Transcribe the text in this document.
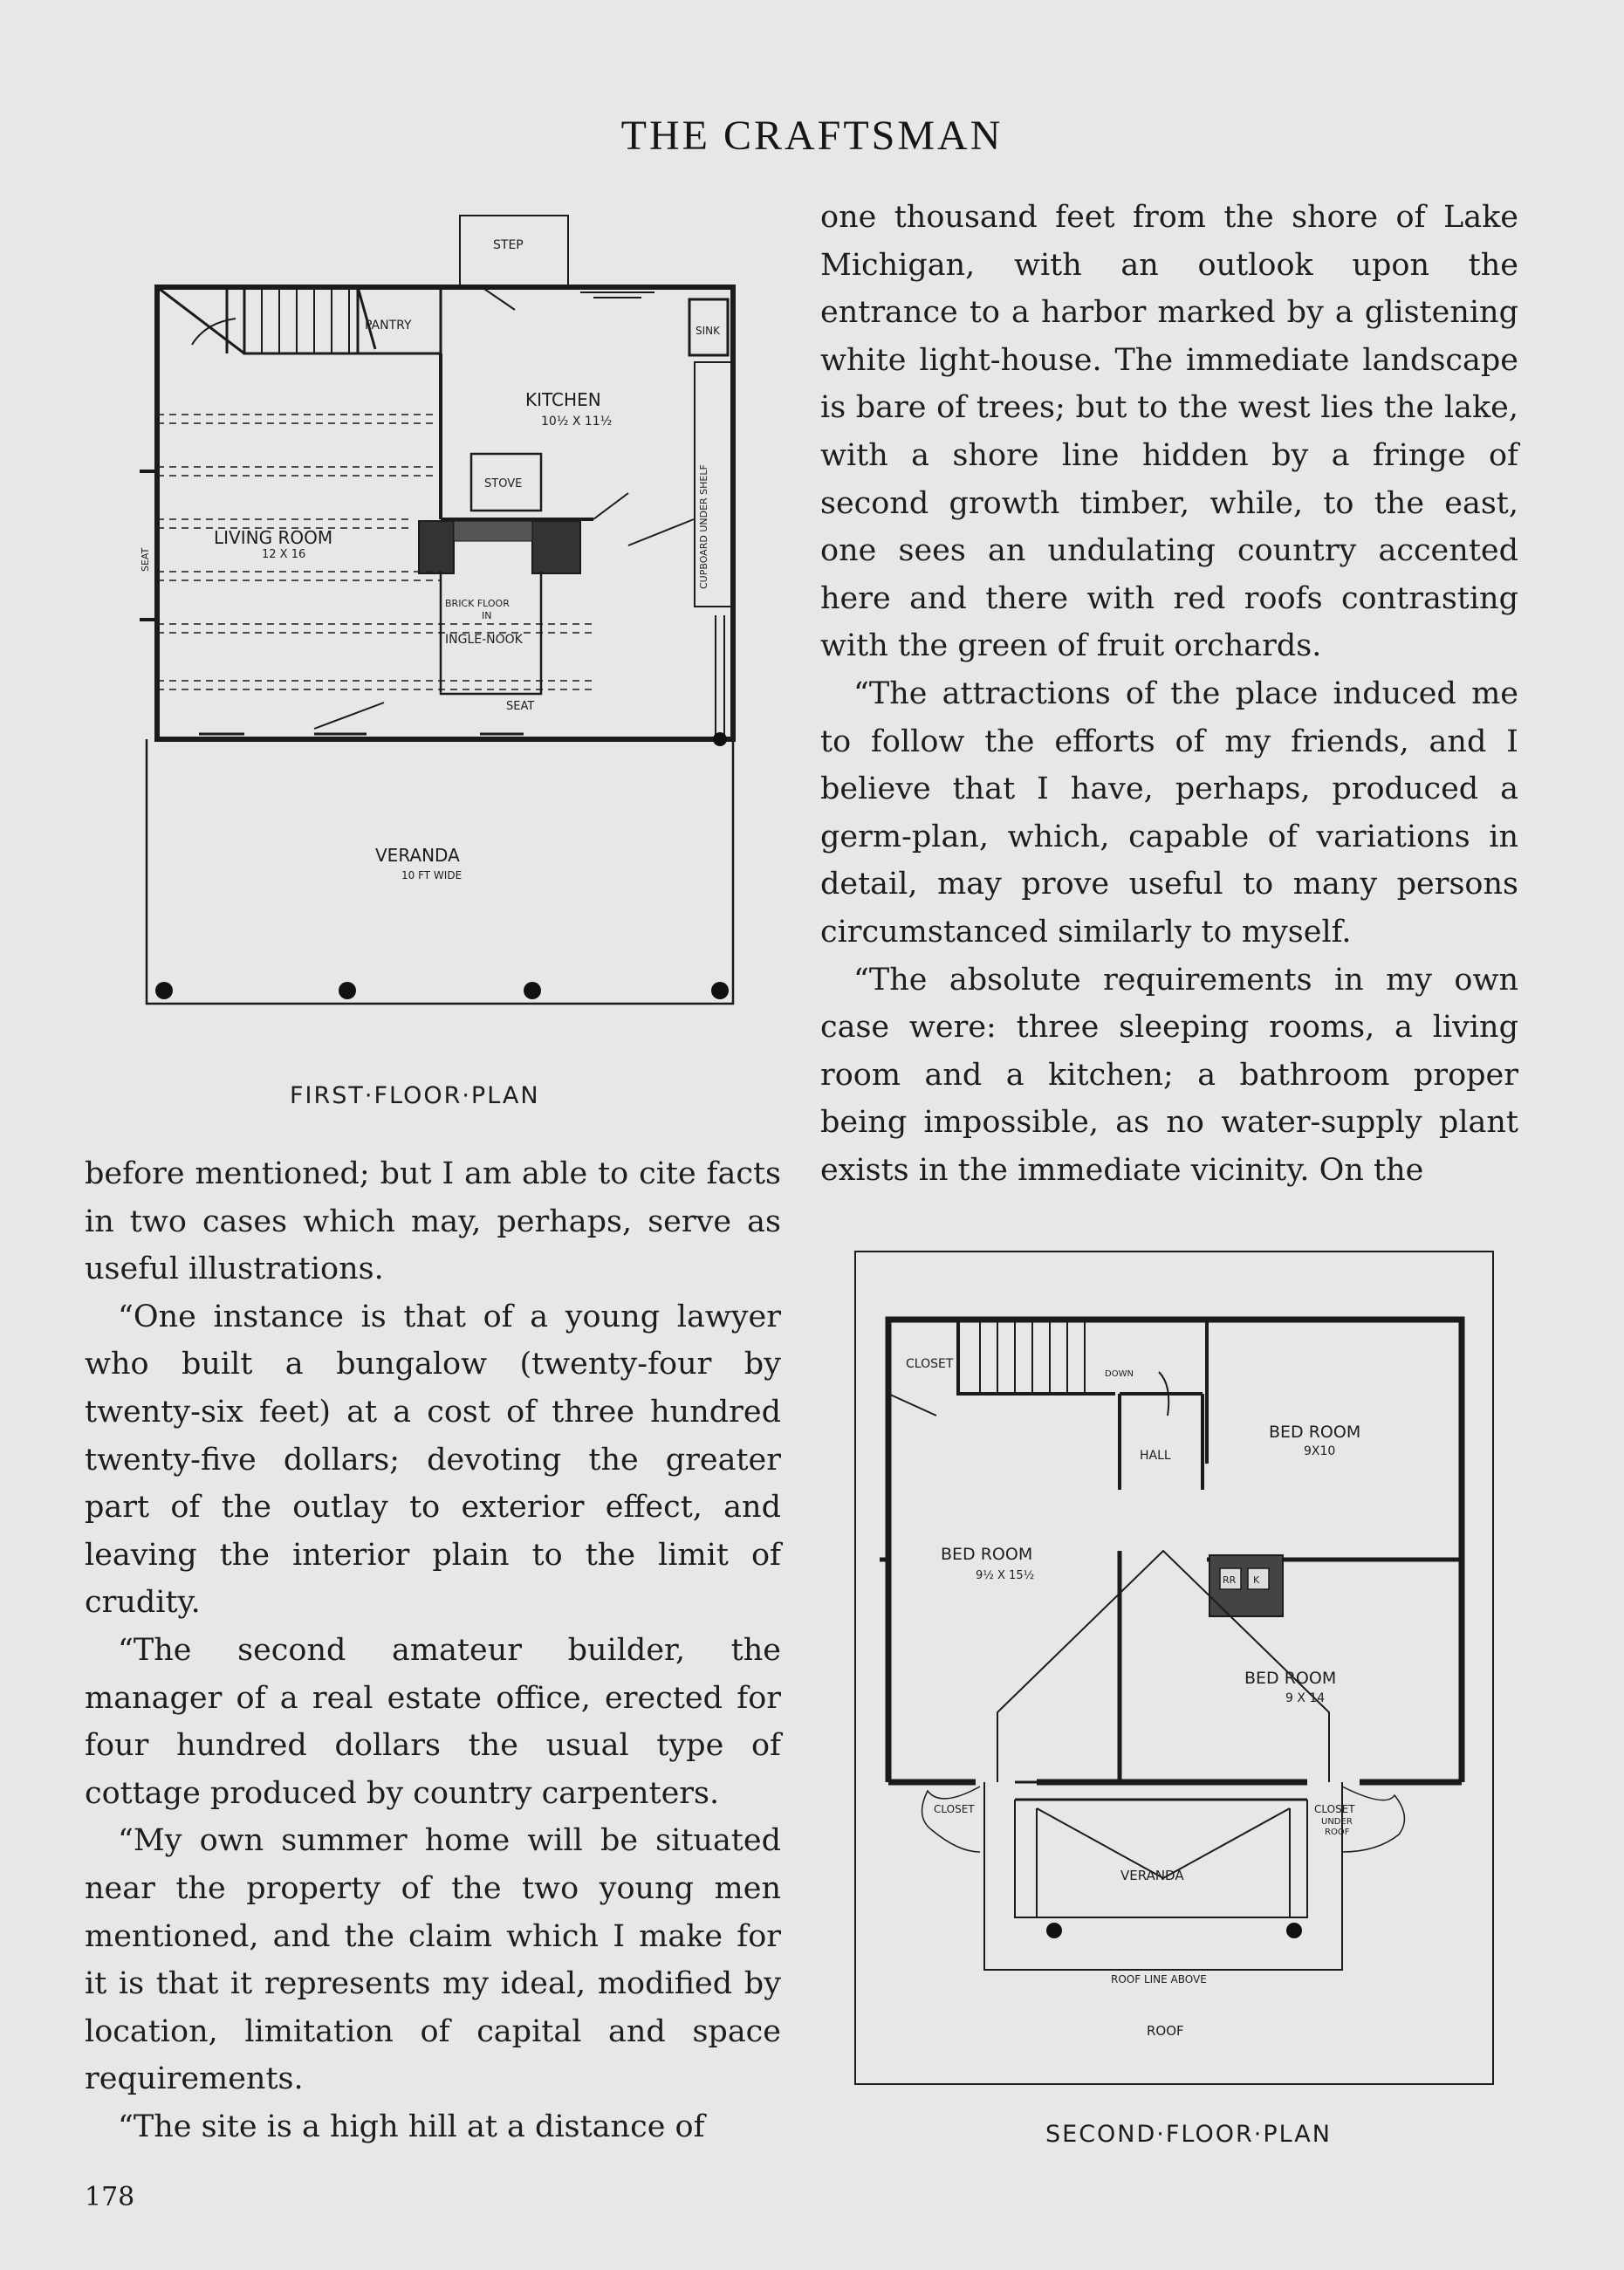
THE CRAFTSMAN
STEP
PANTRY	SINK
KITCHEN
10½ X 11½
STOVE	CUPBOARD UNDER SHELF
LIVING ROOM
12 X 16
SEAT
BRICK FLOOR
IN
INGLE-NOOK
SEAT
VERANDA
10 FT WIDE
FIRST·FLOOR·PLAN

before mentioned; but I am able to cite facts in two cases which may, perhaps, serve as useful illustrations.

“One instance is that of a young lawyer who built a bungalow (twenty-four by twenty-six feet) at a cost of three hundred twenty-five dollars; devoting the greater part of the outlay to exterior effect, and leaving the interior plain to the limit of crudity.

“The second amateur builder, the manager of a real estate office, erected for four hundred dollars the usual type of cottage produced by country carpenters.

“My own summer home will be situated near the property of the two young men mentioned, and the claim which I make for it is that it represents my ideal, modified by location, limitation of capital and space requirements.

“The site is a high hill at a distance of

one thousand feet from the shore of Lake Michigan, with an outlook upon the entrance to a harbor marked by a glistening white light-house. The immediate landscape is bare of trees; but to the west lies the lake, with a shore line hidden by a fringe of second growth timber, while, to the east, one sees an undulating country accented here and there with red roofs contrasting with the green of fruit orchards.

“The attractions of the place induced me to follow the efforts of my friends, and I believe that I have, perhaps, produced a germ-plan, which, capable of variations in detail, may prove useful to many persons circumstanced similarly to myself.

“The absolute requirements in my own case were: three sleeping rooms, a living room and a kitchen; a bathroom proper being impossible, as no water-supply plant exists in the immediate vicinity. On the

CLOSET
DOWN
HALL
BED ROOM
9X10
BED ROOM
9½ X 15½	RR K
BED ROOM
9 X 14
CLOSET	CLOSET
UNDER
ROOF
VERANDA
ROOF LINE ABOVE
ROOF
SECOND·FLOOR·PLAN
178
